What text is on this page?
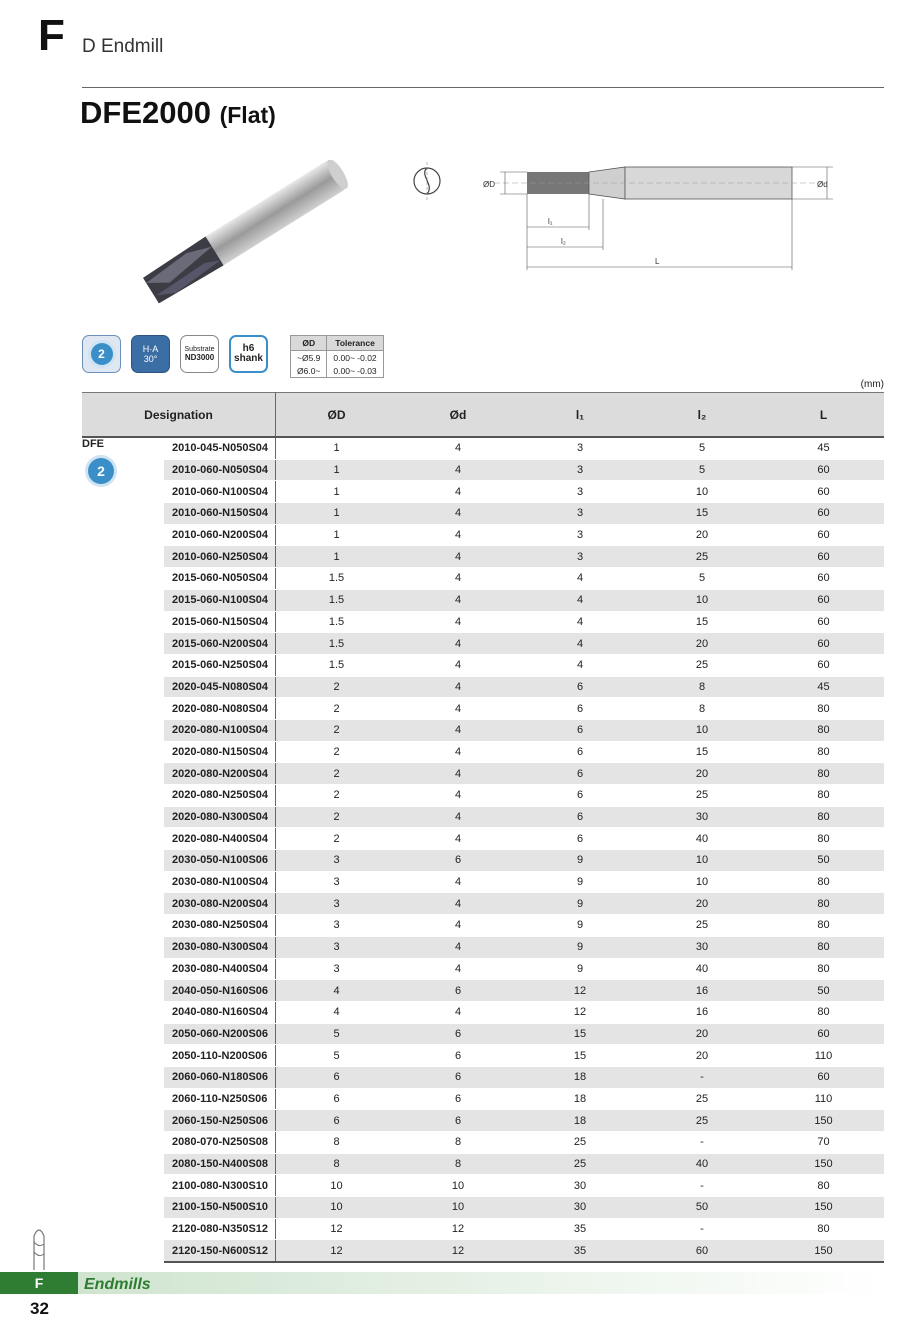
F D Endmill
DFE2000 (Flat)
ØD	Ød
l₁
l₂
L
2	H·A
30°
Substrate
ND3000
h6
shank
ØD	Tolerance
~Ø5.9	0.00~ -0.02
Ø6.0~	0.00~ -0.03
(mm)
Designation		ØD	Ød	l₁	l₂	L

DFE
2	2010-045-N050S04	1	4	3	5	45
	2010-060-N050S04	1	4	3	5	60
	2010-060-N100S04	1	4	3	10	60
	2010-060-N150S04	1	4	3	15	60
	2010-060-N200S04	1	4	3	20	60
	2010-060-N250S04	1	4	3	25	60
	2015-060-N050S04	1.5	4	4	5	60
	2015-060-N100S04	1.5	4	4	10	60
	2015-060-N150S04	1.5	4	4	15	60
	2015-060-N200S04	1.5	4	4	20	60
	2015-060-N250S04	1.5	4	4	25	60
	2020-045-N080S04	2	4	6	8	45
	2020-080-N080S04	2	4	6	8	80
	2020-080-N100S04	2	4	6	10	80
	2020-080-N150S04	2	4	6	15	80
	2020-080-N200S04	2	4	6	20	80
	2020-080-N250S04	2	4	6	25	80
	2020-080-N300S04	2	4	6	30	80
	2020-080-N400S04	2	4	6	40	80
	2030-050-N100S06	3	6	9	10	50
	2030-080-N100S04	3	4	9	10	80
	2030-080-N200S04	3	4	9	20	80
	2030-080-N250S04	3	4	9	25	80
	2030-080-N300S04	3	4	9	30	80
	2030-080-N400S04	3	4	9	40	80
	2040-050-N160S06	4	6	12	16	50
	2040-080-N160S04	4	4	12	16	80
	2050-060-N200S06	5	6	15	20	60
	2050-110-N200S06	5	6	15	20	110
	2060-060-N180S06	6	6	18	-	60
	2060-110-N250S06	6	6	18	25	110
	2060-150-N250S06	6	6	18	25	150
	2080-070-N250S08	8	8	25	-	70
	2080-150-N400S08	8	8	25	40	150
	2100-080-N300S10	10	10	30	-	80
	2100-150-N500S10	10	10	30	50	150
	2120-080-N350S12	12	12	35	-	80
	2120-150-N600S12	12	12	35	60	150
F	Endmills
32
